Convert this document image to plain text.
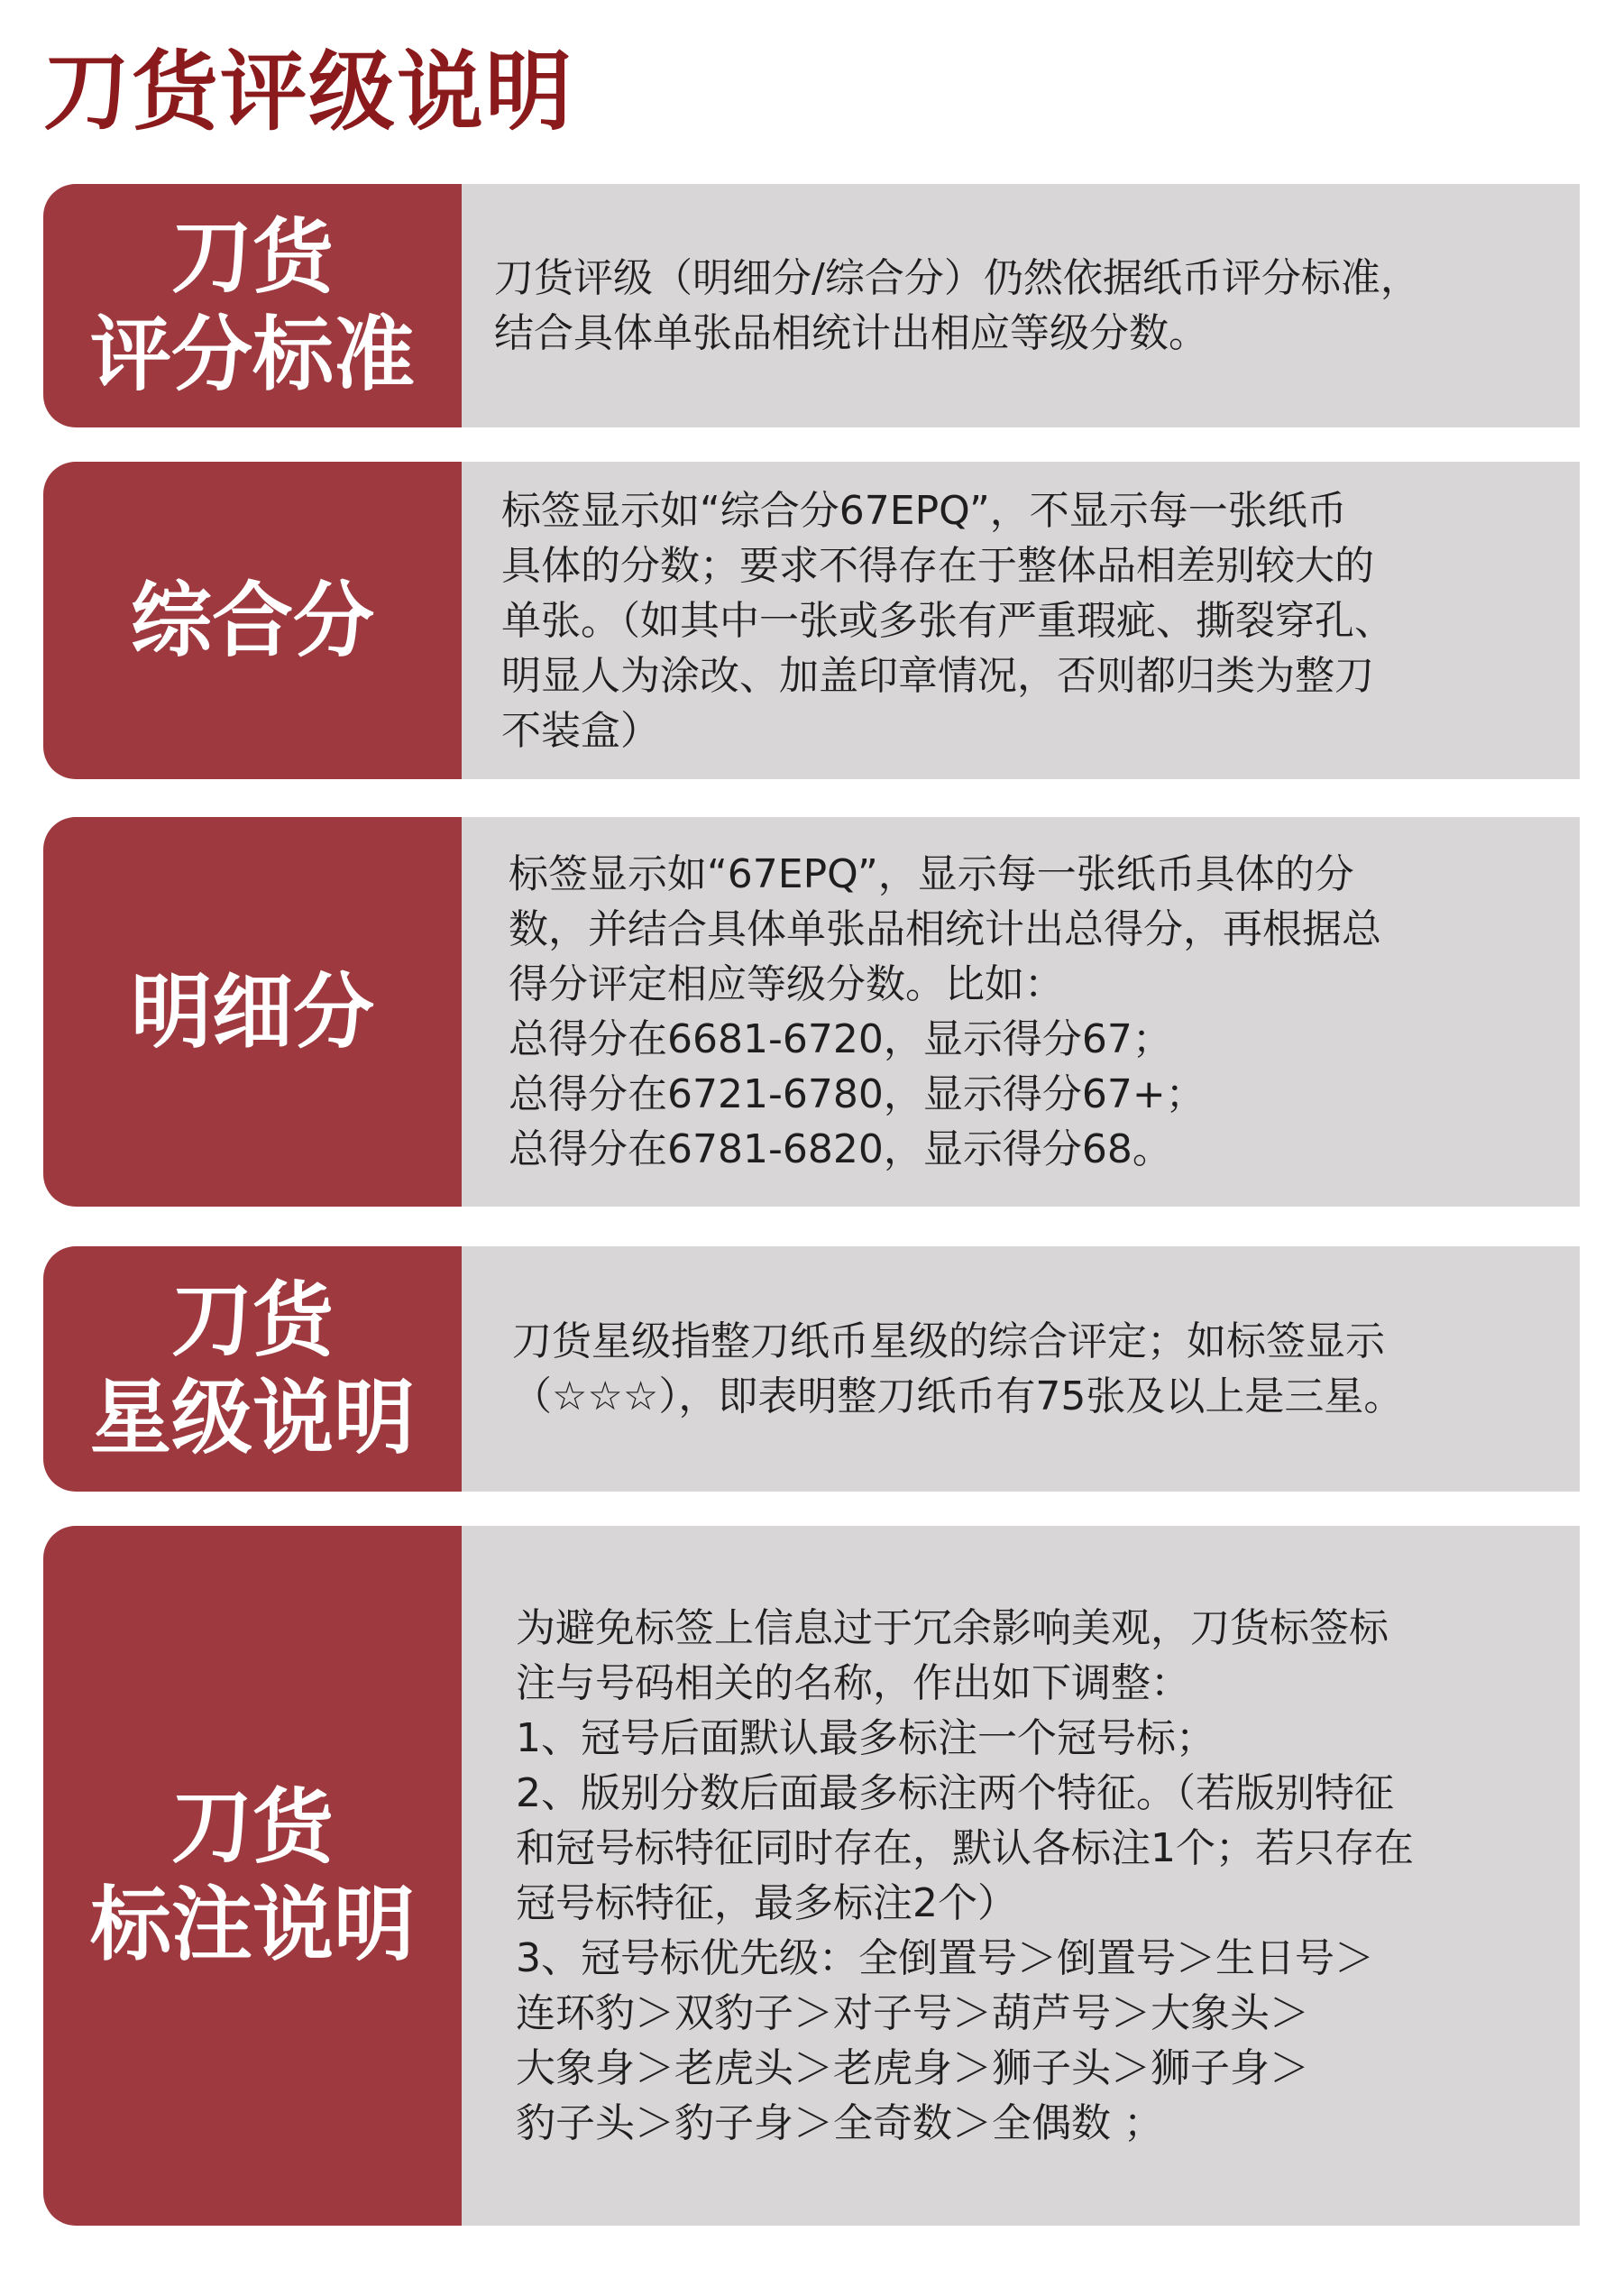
刀货评级说明
刀货
评分标准

刀货评级（明细分/综合分）仍然依据纸币评分标准，

结合具体单张品相统计出相应等级分数。

综合分

标签显示如“综合分67EPQ”，不显示每一张纸币

具体的分数；要求不得存在于整体品相差别较大的

单张。（如其中一张或多张有严重瑕疵、撕裂穿孔、

明显人为涂改、加盖印章情况，否则都归类为整刀

不装盒）

明细分

标签显示如“67EPQ”，显示每一张纸币具体的分

数，并结合具体单张品相统计出总得分，再根据总

得分评定相应等级分数。比如：

总得分在6681-6720，显示得分67；

总得分在6721-6780，显示得分67+；

总得分在6781-6820，显示得分68。

刀货
星级说明

刀货星级指整刀纸币星级的综合评定；如标签显示

（☆☆☆），即表明整刀纸币有75张及以上是三星。

刀货
标注说明

为避免标签上信息过于冗余影响美观，刀货标签标

注与号码相关的名称，作出如下调整：

1、冠号后面默认最多标注一个冠号标；

2、版别分数后面最多标注两个特征。（若版别特征

和冠号标特征同时存在，默认各标注1个；若只存在

冠号标特征，最多标注2个）

3、冠号标优先级：全倒置号＞倒置号＞生日号＞

连环豹＞双豹子＞对子号＞葫芦号＞大象头＞

大象身＞老虎头＞老虎身＞狮子头＞狮子身＞

豹子头＞豹子身＞全奇数＞全偶数 ；
